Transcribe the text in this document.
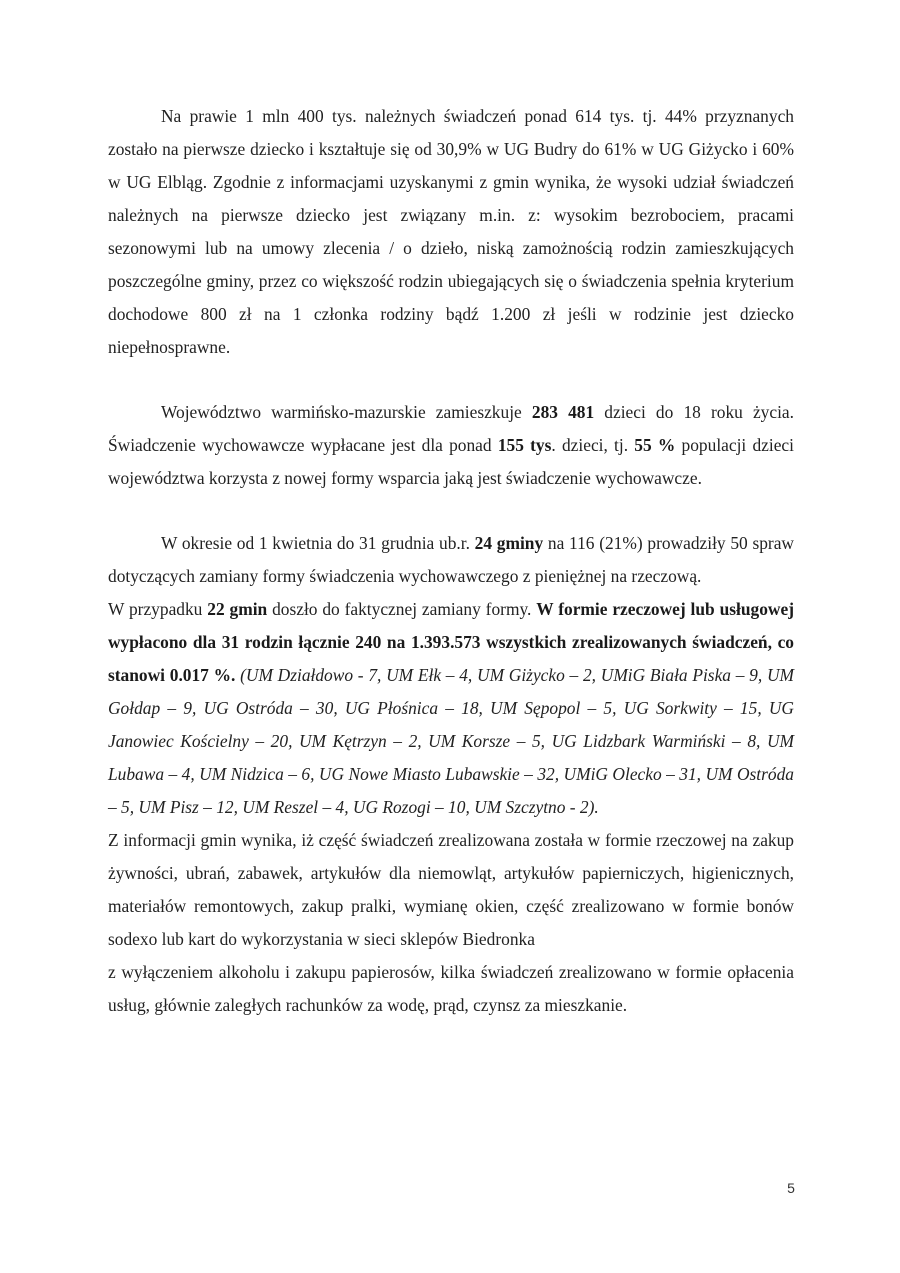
Na prawie 1 mln 400 tys. należnych świadczeń ponad 614 tys. tj. 44% przyznanych zostało na pierwsze dziecko i kształtuje się od 30,9% w UG Budry do 61% w UG Giżycko i 60% w UG Elbląg. Zgodnie z informacjami uzyskanymi z gmin wynika, że wysoki udział świadczeń należnych na pierwsze dziecko jest związany m.in. z: wysokim bezrobociem, pracami sezonowymi lub na umowy zlecenia / o dzieło, niską zamożnością rodzin zamieszkujących poszczególne gminy, przez co większość rodzin ubiegających się o świadczenia spełnia kryterium dochodowe 800 zł na 1 członka rodziny bądź 1.200 zł jeśli w rodzinie jest dziecko niepełnosprawne.

Województwo warmińsko-mazurskie zamieszkuje 283 481 dzieci do 18 roku życia. Świadczenie wychowawcze wypłacane jest dla ponad 155 tys. dzieci, tj. 55 % populacji dzieci województwa korzysta z nowej formy wsparcia jaką jest świadczenie wychowawcze.

W okresie od 1 kwietnia do 31 grudnia ub.r. 24 gminy na 116 (21%) prowadziły 50 spraw dotyczących zamiany formy świadczenia wychowawczego z pieniężnej na rzeczową.

W przypadku 22 gmin doszło do faktycznej zamiany formy. W formie rzeczowej lub usługowej wypłacono dla 31 rodzin łącznie 240 na 1.393.573 wszystkich zrealizowanych świadczeń, co stanowi 0.017 %. (UM Działdowo - 7, UM Ełk – 4, UM Giżycko – 2, UMiG Biała Piska – 9, UM Gołdap – 9, UG Ostróda – 30, UG Płośnica – 18, UM Sępopol – 5, UG Sorkwity – 15, UG Janowiec Kościelny – 20, UM Kętrzyn – 2, UM Korsze – 5, UG Lidzbark Warmiński – 8, UM Lubawa – 4, UM Nidzica – 6, UG Nowe Miasto Lubawskie – 32, UMiG Olecko – 31, UM Ostróda – 5, UM Pisz – 12, UM Reszel – 4, UG Rozogi – 10, UM Szczytno - 2).

Z informacji gmin wynika, iż część świadczeń zrealizowana została w formie rzeczowej na zakup żywności, ubrań, zabawek, artykułów dla niemowląt, artykułów papierniczych, higienicznych, materiałów remontowych, zakup pralki, wymianę okien, część zrealizowano w formie bonów sodexo lub kart do wykorzystania w sieci sklepów Biedronka

z wyłączeniem alkoholu i zakupu papierosów, kilka świadczeń zrealizowano w formie opłacenia usług, głównie zaległych rachunków za wodę, prąd, czynsz za mieszkanie.

5
